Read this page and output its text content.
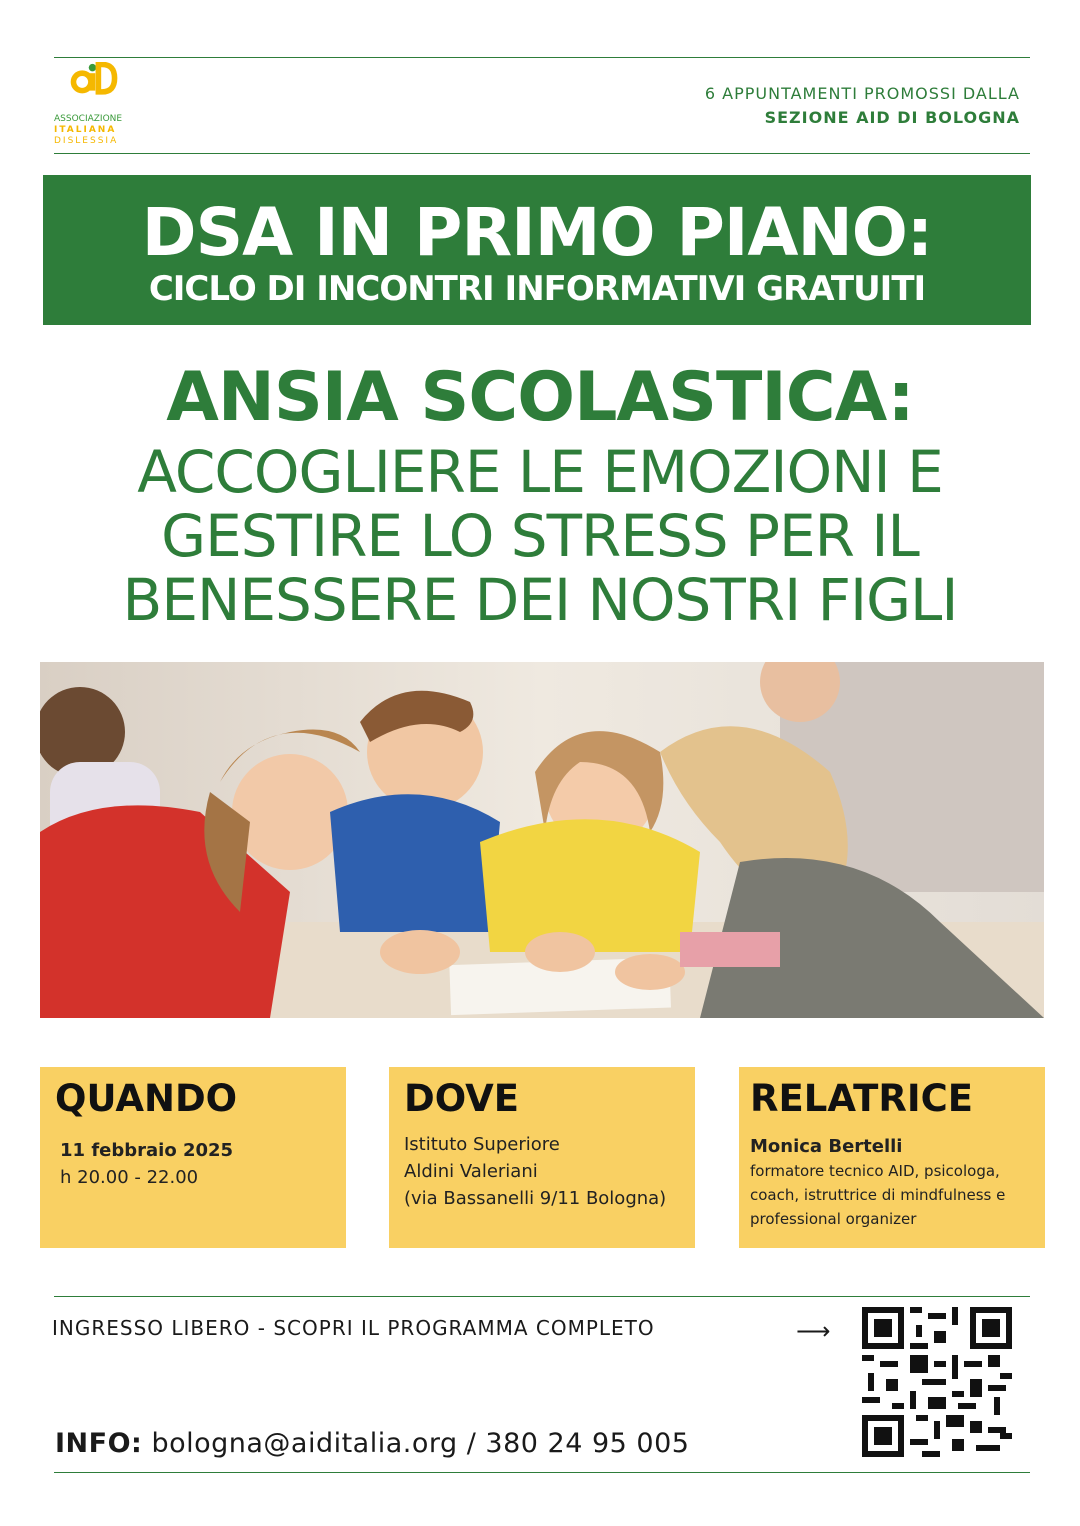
ASSOCIAZIONE
ITALIANA
DISLESSIA
6 APPUNTAMENTI PROMOSSI DALLA
SEZIONE AID DI BOLOGNA
DSA IN PRIMO PIANO:
CICLO DI INCONTRI INFORMATIVI GRATUITI
ANSIA SCOLASTICA:
ACCOGLIERE LE EMOZIONI E
GESTIRE LO STRESS PER IL
BENESSERE DEI NOSTRI FIGLI
QUANDO
11 febbraio 2025
h 20.00 - 22.00
DOVE
Istituto Superiore
Aldini Valeriani
(via Bassanelli 9/11 Bologna)
RELATRICE
Monica Bertelli
formatore tecnico AID, psicologa,
coach, istruttrice di mindfulness e
professional organizer
INGRESSO LIBERO - SCOPRI IL PROGRAMMA COMPLETO	⟶
INFO: bologna@aiditalia.org / 380 24 95 005
